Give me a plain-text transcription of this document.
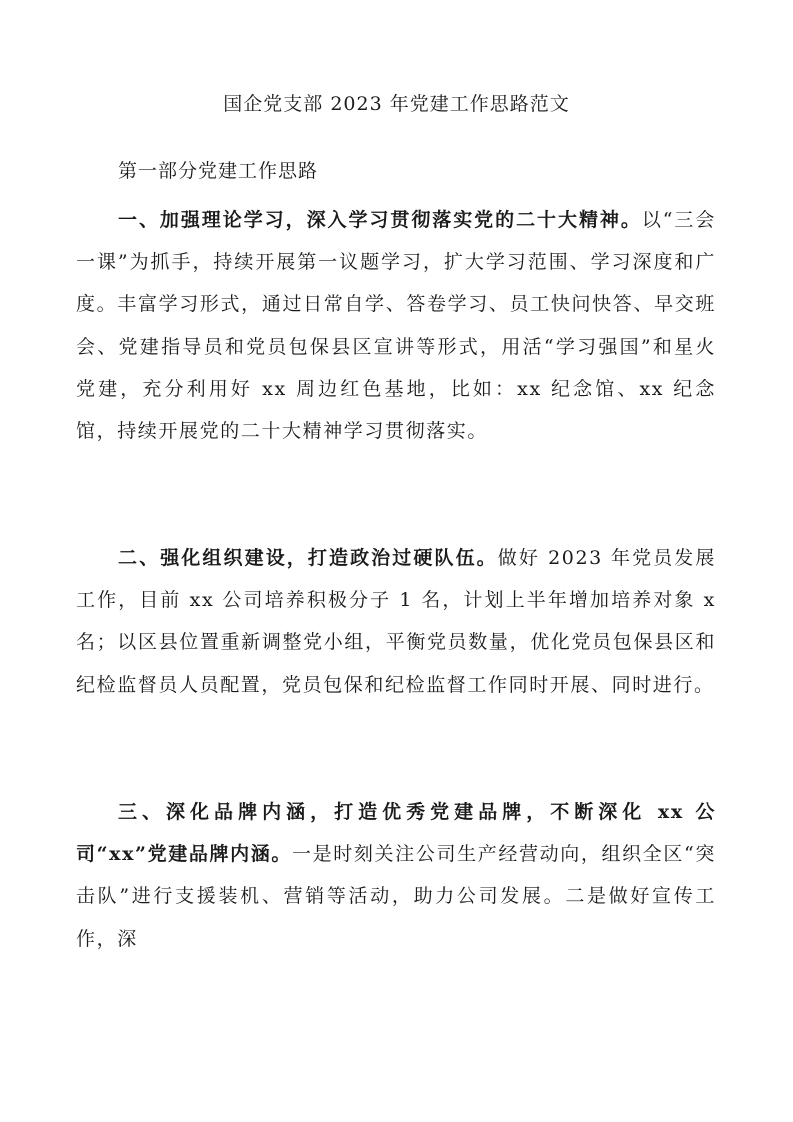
国企党支部 2023 年党建工作思路范文
第一部分党建工作思路

一、加强理论学习，深入学习贯彻落实党的二十大精神。以“三会一课”为抓手，持续开展第一议题学习，扩大学习范围、学习深度和广度。丰富学习形式，通过日常自学、答卷学习、员工快问快答、早交班会、党建指导员和党员包保县区宣讲等形式，用活“学习强国”和星火党建，充分利用好 xx 周边红色基地，比如：xx 纪念馆、xx 纪念馆，持续开展党的二十大精神学习贯彻落实。

二、强化组织建设，打造政治过硬队伍。做好 2023 年党员发展工作，目前 xx 公司培养积极分子 1 名，计划上半年增加培养对象 x 名；以区县位置重新调整党小组，平衡党员数量，优化党员包保县区和纪检监督员人员配置，党员包保和纪检监督工作同时开展、同时进行。

三、深化品牌内涵，打造优秀党建品牌，不断深化 xx 公司“xx”党建品牌内涵。一是时刻关注公司生产经营动向，组织全区“突击队”进行支援装机、营销等活动，助力公司发展。二是做好宣传工作，深
